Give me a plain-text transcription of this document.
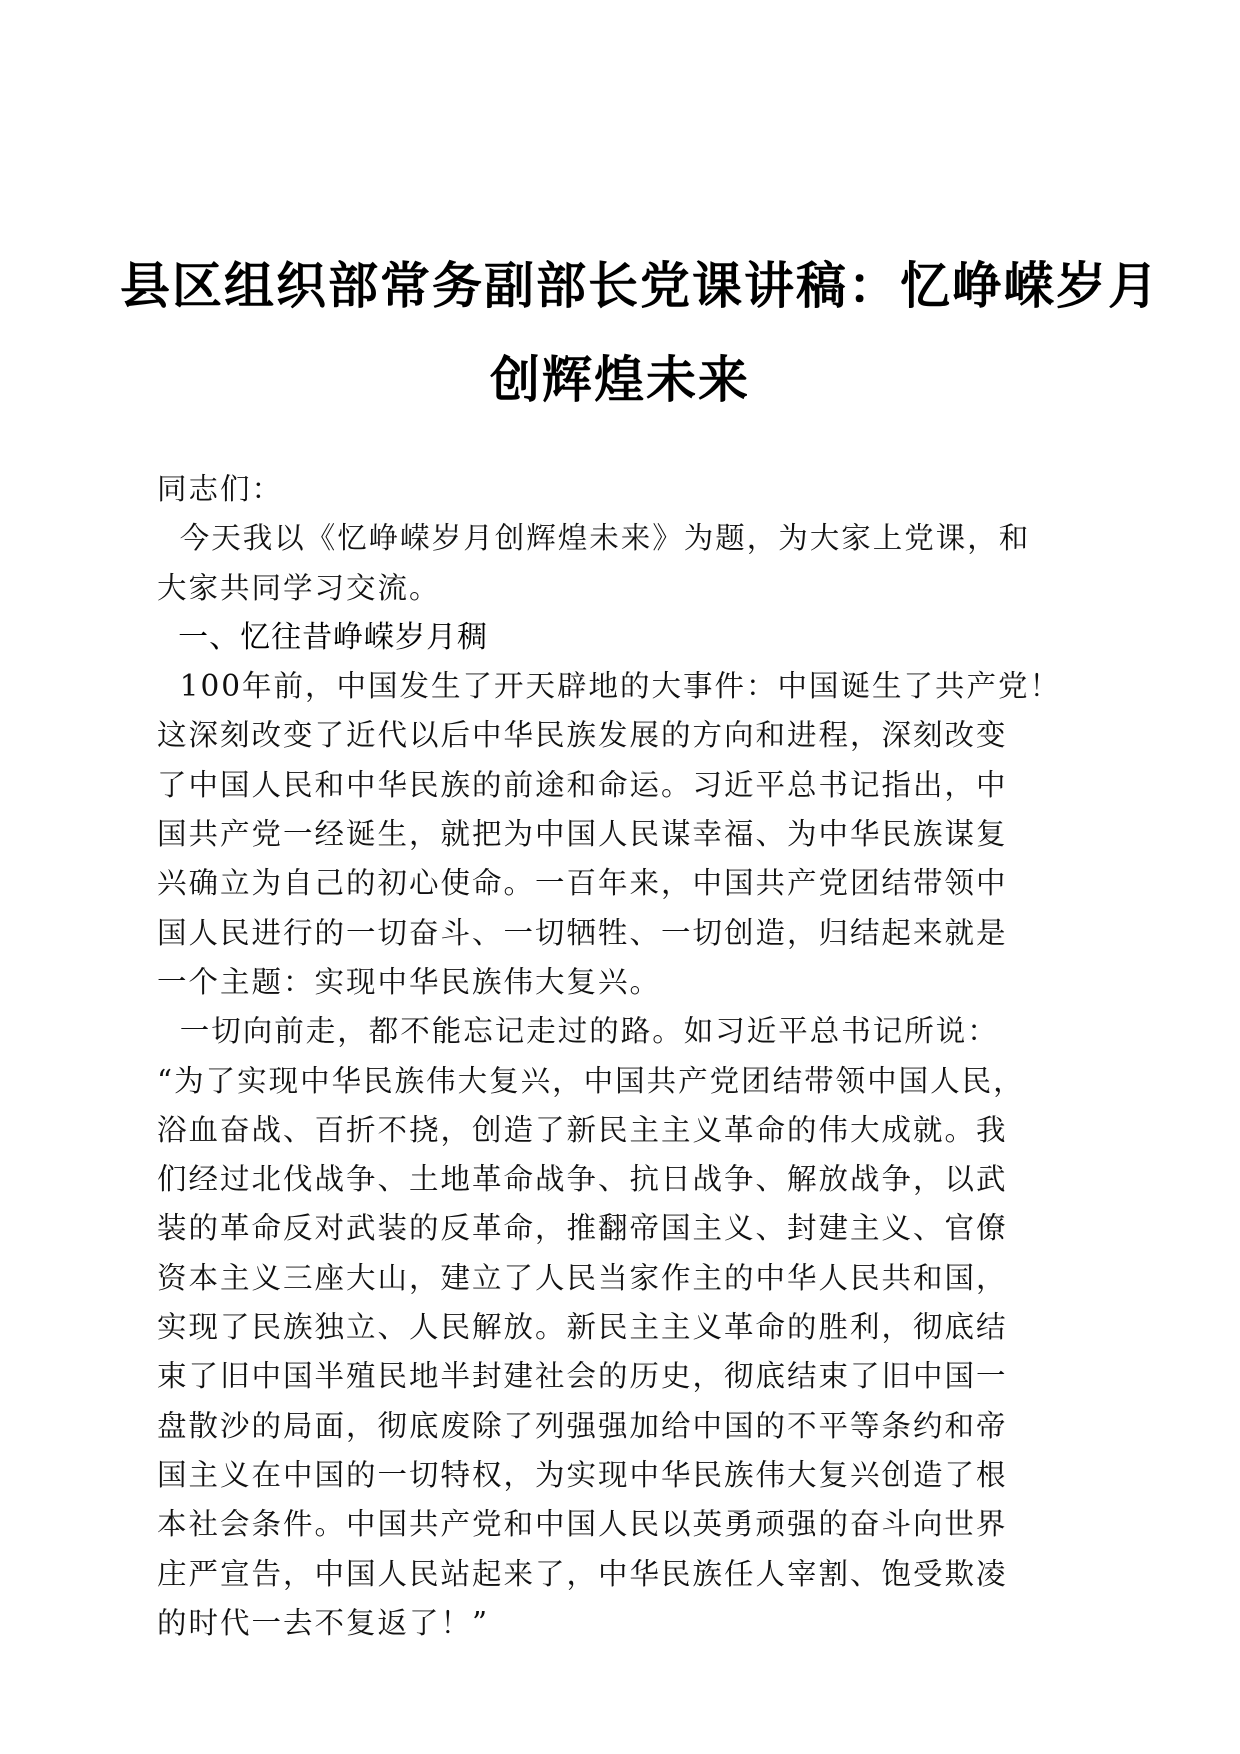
县区组织部常务副部长党课讲稿：忆峥嵘岁月
创辉煌未来
同志们：
今天我以《忆峥嵘岁月创辉煌未来》为题，为大家上党课，和
大家共同学习交流。
一、忆往昔峥嵘岁月稠
100年前，中国发生了开天辟地的大事件：中国诞生了共产党！
这深刻改变了近代以后中华民族发展的方向和进程，深刻改变
了中国人民和中华民族的前途和命运。习近平总书记指出，中
国共产党一经诞生，就把为中国人民谋幸福、为中华民族谋复
兴确立为自己的初心使命。一百年来，中国共产党团结带领中
国人民进行的一切奋斗、一切牺牲、一切创造，归结起来就是
一个主题：实现中华民族伟大复兴。
一切向前走，都不能忘记走过的路。如习近平总书记所说：
“为了实现中华民族伟大复兴，中国共产党团结带领中国人民，
浴血奋战、百折不挠，创造了新民主主义革命的伟大成就。我
们经过北伐战争、土地革命战争、抗日战争、解放战争，以武
装的革命反对武装的反革命，推翻帝国主义、封建主义、官僚
资本主义三座大山，建立了人民当家作主的中华人民共和国，
实现了民族独立、人民解放。新民主主义革命的胜利，彻底结
束了旧中国半殖民地半封建社会的历史，彻底结束了旧中国一
盘散沙的局面，彻底废除了列强强加给中国的不平等条约和帝
国主义在中国的一切特权，为实现中华民族伟大复兴创造了根
本社会条件。中国共产党和中国人民以英勇顽强的奋斗向世界
庄严宣告，中国人民站起来了，中华民族任人宰割、饱受欺凌
的时代一去不复返了！”
